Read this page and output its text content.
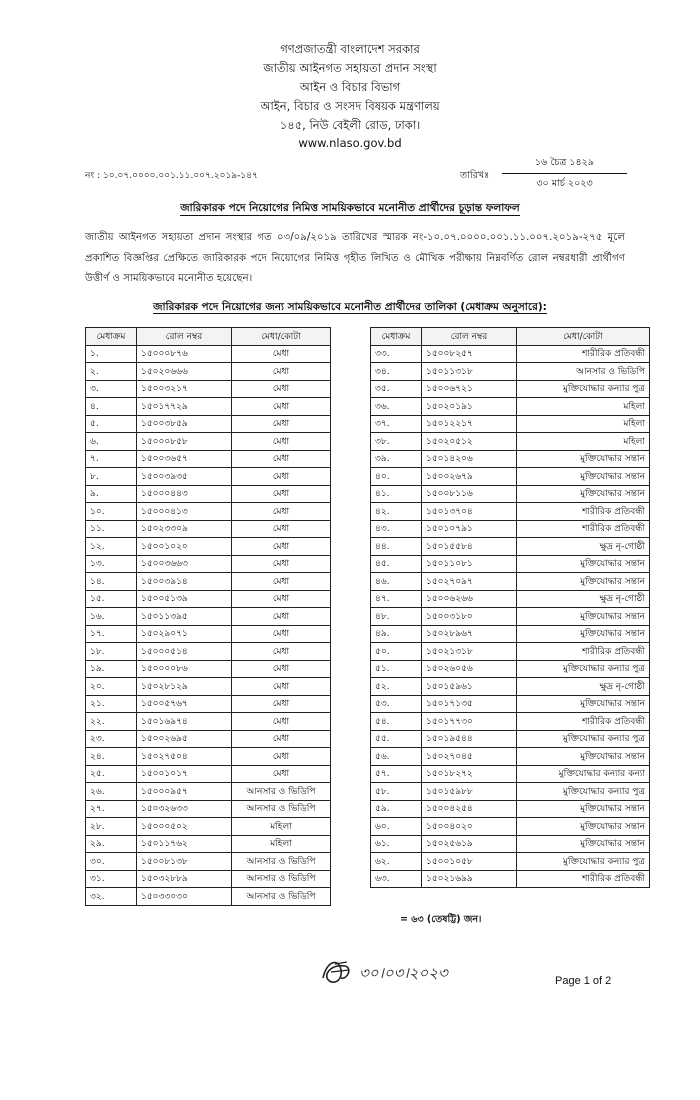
গণপ্রজাতন্ত্রী বাংলাদেশ সরকার
জাতীয় আইনগত সহায়তা প্রদান সংস্থা
আইন ও বিচার বিভাগ
আইন, বিচার ও সংসদ বিষয়ক মন্ত্রণালয়
১৪৫, নিউ বেইলী রোড, ঢাকা।
www.nlaso.gov.bd
নং : ১০.০৭.০০০০.০০১.১১.০০৭.২০১৯-১৪৭	তারিখঃ
১৬ চৈত্র ১৪২৯
৩০ মার্চ ২০২৩
জারিকারক পদে নিয়োগের নিমিত্ত সাময়িকভাবে মনোনীত প্রার্থীদের চূড়ান্ত ফলাফল
জাতীয় আইনগত সহায়তা প্রদান সংস্থার গত ০৩/০৯/২০১৯ তারিখের স্মারক নং-১০.০৭.০০০০.০০১.১১.০০৭.২০১৯-২৭৫ মূলে প্রকাশিত বিজ্ঞপ্তির প্রেক্ষিতে জারিকারক পদে নিয়োগের নিমিত্ত গৃহীত লিখিত ও মৌখিক পরীক্ষায় নিম্নবর্ণিত রোল নম্বরধারী প্রার্থীগণ উত্তীর্ণ ও সাময়িকভাবে মনোনীত হয়েছেন।
জারিকারক পদে নিয়োগের জন্য সাময়িকভাবে মনোনীত প্রার্থীদের তালিকা (মেধাক্রম অনুসারে):
মেধাক্রম	রোল নম্বর	মেধা/কোটা
১.	১৫০০০৮৭৬	মেধা
২.	১৫০২০৬৬৬	মেধা
৩.	১৫০০৩২১৭	মেধা
৪.	১৫০১৭৭২৯	মেধা
৫.	১৫০০৩৮৫৯	মেধা
৬.	১৫০০০৮৫৮	মেধা
৭.	১৫০০৩৬৫৭	মেধা
৮.	১৫০০৩৯৩৫	মেধা
৯.	১৫০০০৪৪৩	মেধা
১০.	১৫০০০৪১৩	মেধা
১১.	১৫০২৩৩০৯	মেধা
১২.	১৫০০১০২০	মেধা
১৩.	১৫০০৩৬৬৩	মেধা
১৪.	১৫০০৩৯১৪	মেধা
১৫.	১৫০০৫১৩৯	মেধা
১৬.	১৫০১১৩৯৫	মেধা
১৭.	১৫০২৯০৭১	মেধা
১৮.	১৫০০০৫১৪	মেধা
১৯.	১৫০০০০৮৬	মেধা
২০.	১৫০২৮১২৯	মেধা
২১.	১৫০০৫৭৬৭	মেধা
২২.	১৫০১৬৯৭৪	মেধা
২৩.	১৫০০২৬৯৫	মেধা
২৪.	১৫০২৭৫০৪	মেধা
২৫.	১৫০০১০১৭	মেধা
২৬.	১৫০০০৯৫৭	আনসার ও ভিডিপি
২৭.	১৫০৩২৬৩৩	আনসার ও ভিডিপি
২৮.	১৫০০০৫০২	মহিলা
২৯.	১৫০১১৭৬২	মহিলা
৩০.	১৫০০৮১৩৮	আনসার ও ভিডিপি
৩১.	১৫০৩২৮৮৯	আনসার ও ভিডিপি
৩২.	১৫০৩৩০৩০	আনসার ও ভিডিপি
মেধাক্রম	রোল নম্বর	মেধা/কোটা
৩৩.	১৫০০৮২৫৭	শারীরিক প্রতিবন্ধী
৩৪.	১৫০১১৩১৮	আনসার ও ভিডিপি
৩৫.	১৫০০৬৭২১	মুক্তিযোদ্ধার কন্যার পুত্র
৩৬.	১৫০২০১৯১	মহিলা
৩৭.	১৫০১২২১৭	মহিলা
৩৮.	১৫০২০৫১২	মহিলা
৩৯.	১৫০১৪২০৬	মুক্তিযোদ্ধার সন্তান
৪০.	১৫০০২৬৭৯	মুক্তিযোদ্ধার সন্তান
৪১.	১৫০০৮১১৬	মুক্তিযোদ্ধার সন্তান
৪২.	১৫০১৩৭০৪	শারীরিক প্রতিবন্ধী
৪৩.	১৫০১০৭৯১	শারীরিক প্রতিবন্ধী
৪৪.	১৫০১৫৫৮৪	ক্ষুদ্র নৃ-গোষ্ঠী
৪৫.	১৫০১১০৮১	মুক্তিযোদ্ধার সন্তান
৪৬.	১৫০২৭০৯৭	মুক্তিযোদ্ধার সন্তান
৪৭.	১৫০০৬২৬৬	ক্ষুদ্র নৃ-গোষ্ঠী
৪৮.	১৫০০৩১৮০	মুক্তিযোদ্ধার সন্তান
৪৯.	১৫০২৮৯৬৭	মুক্তিযোদ্ধার সন্তান
৫০.	১৫০২১৩১৮	শারীরিক প্রতিবন্ধী
৫১.	১৫০২৬০৫৬	মুক্তিযোদ্ধার কন্যার পুত্র
৫২.	১৫০১৫৯৬১	ক্ষুদ্র নৃ-গোষ্ঠী
৫৩.	১৫০১৭১৩৫	মুক্তিযোদ্ধার সন্তান
৫৪.	১৫০১৭৭৩০	শারীরিক প্রতিবন্ধী
৫৫.	১৫০১৯৫৪৪	মুক্তিযোদ্ধার কন্যার পুত্র
৫৬.	১৫০২৭০৪৫	মুক্তিযোদ্ধার সন্তান
৫৭.	১৫০১৮২৭২	মুক্তিযোদ্ধার কন্যার কন্যা
৫৮.	১৫০১৫৯৮৮	মুক্তিযোদ্ধার কন্যার পুত্র
৫৯.	১৫০০৪২৫৪	মুক্তিযোদ্ধার সন্তান
৬০.	১৫০০৪০২০	মুক্তিযোদ্ধার সন্তান
৬১.	১৫০২৫৬১৯	মুক্তিযোদ্ধার সন্তান
৬২.	১৫০০১০৫৮	মুক্তিযোদ্ধার কন্যার পুত্র
৬৩.	১৫০২১৬৯৯	শারীরিক প্রতিবন্ধী
= ৬৩ (তেষট্টি) জন।
৩০।০৩।২০২৩	Page 1 of 2
